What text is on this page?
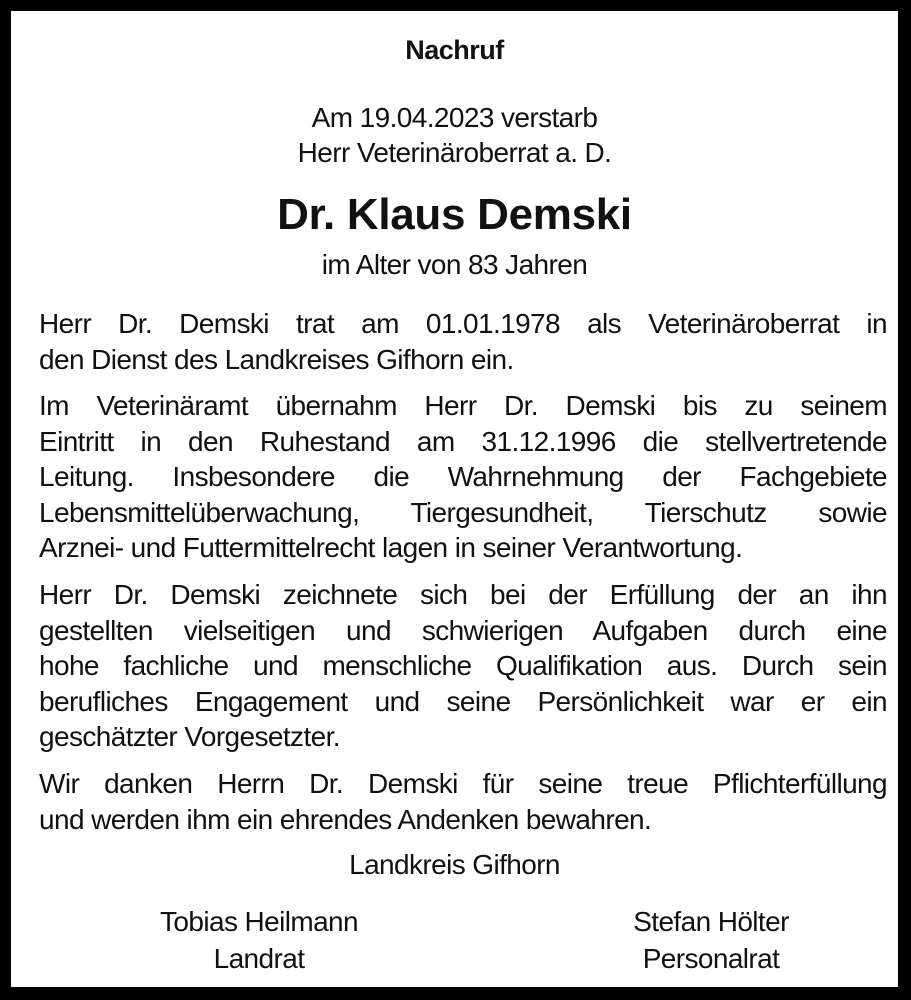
Nachruf
Am 19.04.2023 verstarb
Herr Veterinäroberrat a. D.
Dr. Klaus Demski
im Alter von 83 Jahren
Herr Dr. Demski trat am 01.01.1978 als Veterinäroberrat in
den Dienst des Landkreises Gifhorn ein.
Im Veterinäramt übernahm Herr Dr. Demski bis zu seinem
Eintritt in den Ruhestand am 31.12.1996 die stellvertretende
Leitung. Insbesondere die Wahrnehmung der Fachgebiete
Lebensmittelüberwachung, Tiergesundheit, Tierschutz sowie
Arznei- und Futtermittelrecht lagen in seiner Verantwortung.
Herr Dr. Demski zeichnete sich bei der Erfüllung der an ihn
gestellten vielseitigen und schwierigen Aufgaben durch eine
hohe fachliche und menschliche Qualifikation aus. Durch sein
berufliches Engagement und seine Persönlichkeit war er ein
geschätzter Vorgesetzter.
Wir danken Herrn Dr. Demski für seine treue Pflichterfüllung
und werden ihm ein ehrendes Andenken bewahren.
Landkreis Gifhorn
Tobias Heilmann
Landrat
Stefan Hölter
Personalrat
